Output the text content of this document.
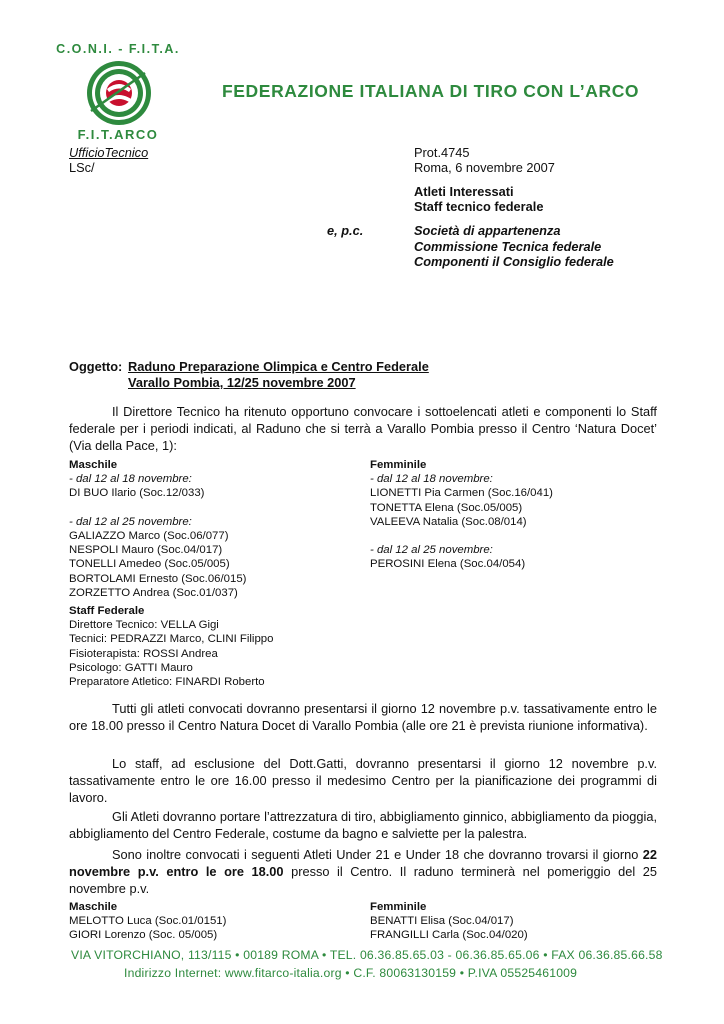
C.O.N.I. - F.I.T.A.
F.I.T.ARCO
FEDERAZIONE ITALIANA DI TIRO CON L’ARCO
UfficioTecnico
LSc/
Prot.4745
Roma, 6 novembre 2007
Atleti Interessati
Staff tecnico federale
e, p.c.	Società di appartenenza
Commissione Tecnica federale
Componenti il Consiglio federale
Oggetto: Raduno Preparazione Olimpica e Centro Federale
Varallo Pombia, 12/25 novembre 2007
Il Direttore Tecnico ha ritenuto opportuno convocare i sottoelencati atleti e componenti lo Staff federale per i periodi indicati, al Raduno che si terrà a Varallo Pombia presso il Centro ‘Natura Docet’ (Via della Pace, 1):
Maschile
- dal 12 al 18 novembre:
DI BUO Ilario (Soc.12/033)
- dal 12 al 25 novembre:
GALIAZZO Marco (Soc.06/077)
NESPOLI Mauro (Soc.04/017)
TONELLI Amedeo (Soc.05/005)
BORTOLAMI Ernesto (Soc.06/015)
ZORZETTO Andrea (Soc.01/037)
Femminile
- dal 12 al 18 novembre:
LIONETTI Pia Carmen (Soc.16/041)
TONETTA Elena (Soc.05/005)
VALEEVA Natalia (Soc.08/014)
- dal 12 al 25 novembre:
PEROSINI Elena (Soc.04/054)
Staff Federale
Direttore Tecnico: VELLA Gigi
Tecnici: PEDRAZZI Marco, CLINI Filippo
Fisioterapista: ROSSI Andrea
Psicologo: GATTI Mauro
Preparatore Atletico: FINARDI Roberto
Tutti gli atleti convocati dovranno presentarsi il giorno 12 novembre p.v. tassativamente entro le ore 18.00 presso il Centro Natura Docet di Varallo Pombia (alle ore 21 è prevista riunione informativa).
Lo staff, ad esclusione del Dott.Gatti, dovranno presentarsi il giorno 12 novembre p.v. tassativamente entro le ore 16.00 presso il medesimo Centro per la pianificazione dei programmi di lavoro.
Gli Atleti dovranno portare l’attrezzatura di tiro, abbigliamento ginnico, abbigliamento da pioggia, abbigliamento del Centro Federale, costume da bagno e salviette per la palestra.
Sono inoltre convocati i seguenti Atleti Under 21 e Under 18 che dovranno trovarsi il giorno 22 novembre p.v. entro le ore 18.00 presso il Centro. Il raduno terminerà nel pomeriggio del 25 novembre p.v.
Maschile
MELOTTO Luca (Soc.01/0151)
GIORI Lorenzo (Soc. 05/005)
Femminile
BENATTI Elisa (Soc.04/017)
FRANGILLI Carla (Soc.04/020)
VIA VITORCHIANO, 113/115 • 00189 ROMA • TEL. 06.36.85.65.03 - 06.36.85.65.06 • FAX 06.36.85.66.58
Indirizzo Internet: www.fitarco-italia.org • C.F. 80063130159 • P.IVA 05525461009
